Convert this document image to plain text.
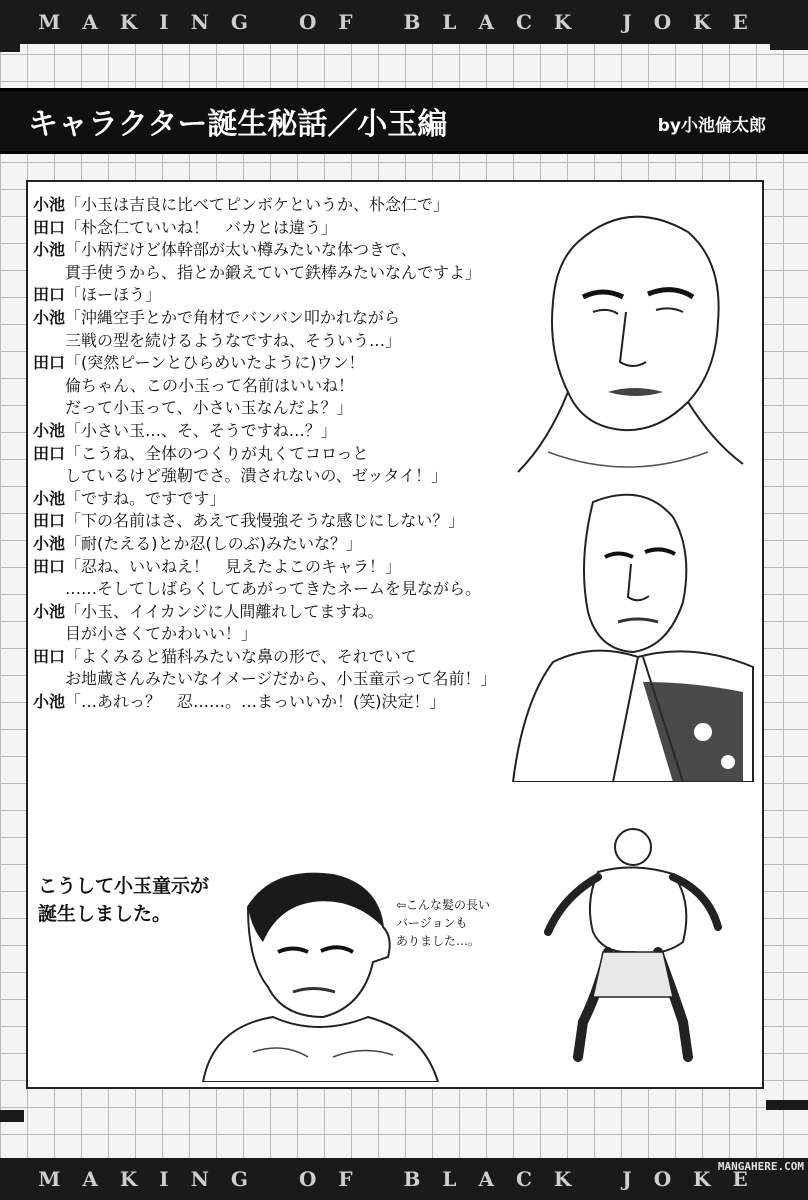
MAKING OF BLACK JOKE
キャラクター誕生秘話／小玉編	by小池倫太郎
小池「小玉は吉良に比べてピンボケというか、朴念仁で」
田口「朴念仁ていいね！　バカとは違う」
小池「小柄だけど体幹部が太い樽みたいな体つきで、
貫手使うから、指とか鍛えていて鉄棒みたいなんですよ」
田口「ほーほう」
小池「沖縄空手とかで角材でバンバン叩かれながら
三戦の型を続けるようなですね、そういう…」
田口「(突然ピーンとひらめいたように)ウン！
倫ちゃん、この小玉って名前はいいね！
だって小玉って、小さい玉なんだよ？」
小池「小さい玉…、そ、そうですね…？」
田口「こうね、全体のつくりが丸くてコロっと
しているけど強靭でさ。潰されないの、ゼッタイ！」
小池「ですね。ですです」
田口「下の名前はさ、あえて我慢強そうな感じにしない？」
小池「耐(たえる)とか忍(しのぶ)みたいな？」
田口「忍ね、いいねえ！　見えたよこのキャラ！」
……そしてしばらくしてあがってきたネームを見ながら。
小池「小玉、イイカンジに人間離れしてますね。
目が小さくてかわいい！」
田口「よくみると猫科みたいな鼻の形で、それでいて
お地蔵さんみたいなイメージだから、小玉童示って名前！」
小池「…あれっ？　忍……。…まっいいか！(笑)決定！」
こうして小玉童示が
誕生しました。	⇦こんな髪の長い
バージョンも
ありました…。
MAKING OF BLACK JOKE
MANGAHERE.COM
